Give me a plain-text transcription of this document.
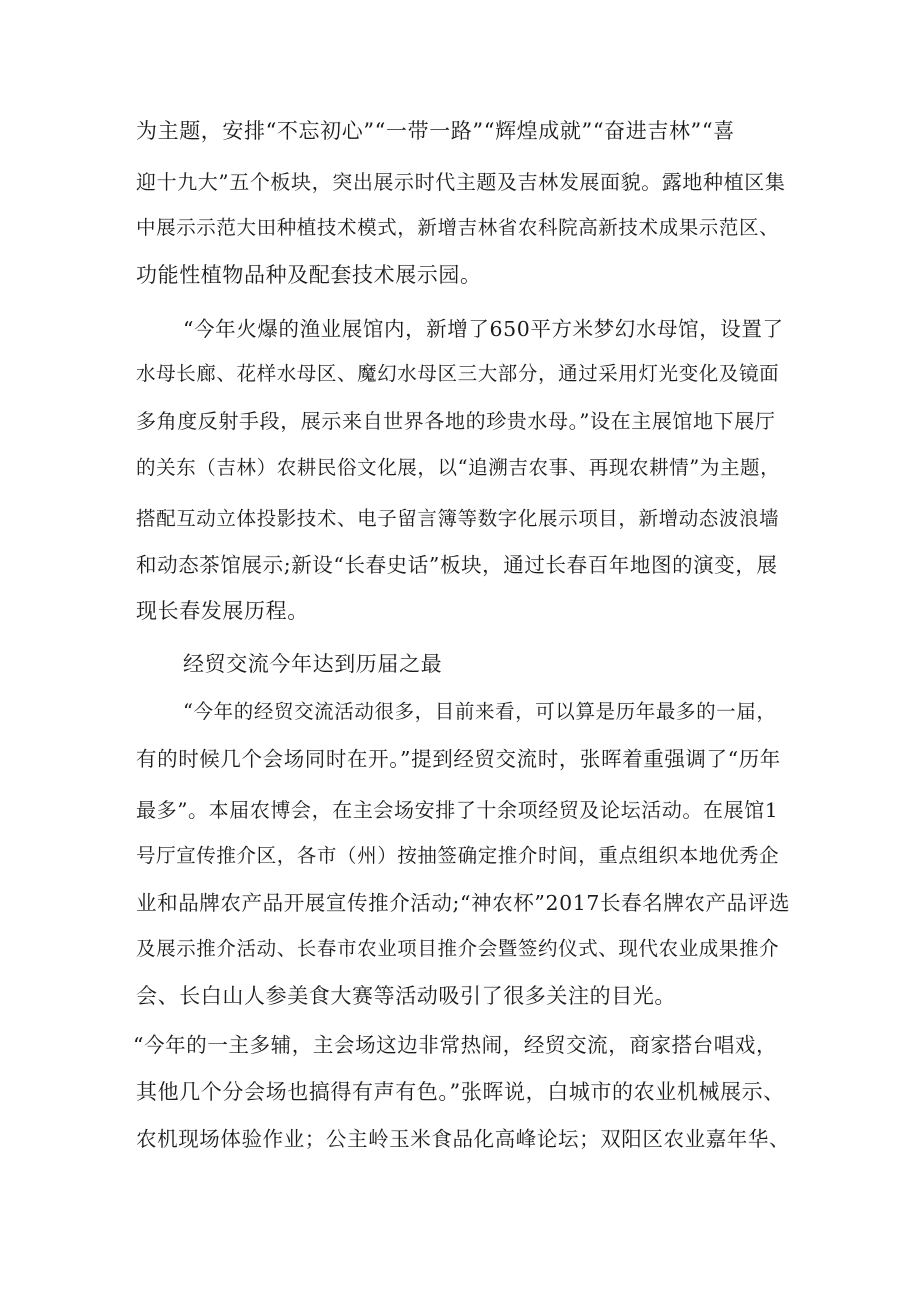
为主题，安排“不忘初心”“一带一路”“辉煌成就”“奋进吉林”“喜
迎十九大”五个板块，突出展示时代主题及吉林发展面貌。露地种植区集
中展示示范大田种植技术模式，新增吉林省农科院高新技术成果示范区、
功能性植物品种及配套技术展示园。
“今年火爆的渔业展馆内，新增了650平方米梦幻水母馆，设置了
水母长廊、花样水母区、魔幻水母区三大部分，通过采用灯光变化及镜面
多角度反射手段，展示来自世界各地的珍贵水母。”设在主展馆地下展厅
的关东（吉林）农耕民俗文化展，以“追溯吉农事、再现农耕情”为主题，
搭配互动立体投影技术、电子留言簿等数字化展示项目，新增动态波浪墙
和动态茶馆展示;新设“长春史话”板块，通过长春百年地图的演变，展
现长春发展历程。
经贸交流今年达到历届之最
“今年的经贸交流活动很多，目前来看，可以算是历年最多的一届，
有的时候几个会场同时在开。”提到经贸交流时，张晖着重强调了“历年
最多”。本届农博会，在主会场安排了十余项经贸及论坛活动。在展馆1
号厅宣传推介区，各市（州）按抽签确定推介时间，重点组织本地优秀企
业和品牌农产品开展宣传推介活动;“神农杯”2017长春名牌农产品评选
及展示推介活动、长春市农业项目推介会暨签约仪式、现代农业成果推介
会、长白山人参美食大赛等活动吸引了很多关注的目光。
“今年的一主多辅，主会场这边非常热闹，经贸交流，商家搭台唱戏，
其他几个分会场也搞得有声有色。”张晖说，白城市的农业机械展示、
农机现场体验作业；公主岭玉米食品化高峰论坛；双阳区农业嘉年华、
